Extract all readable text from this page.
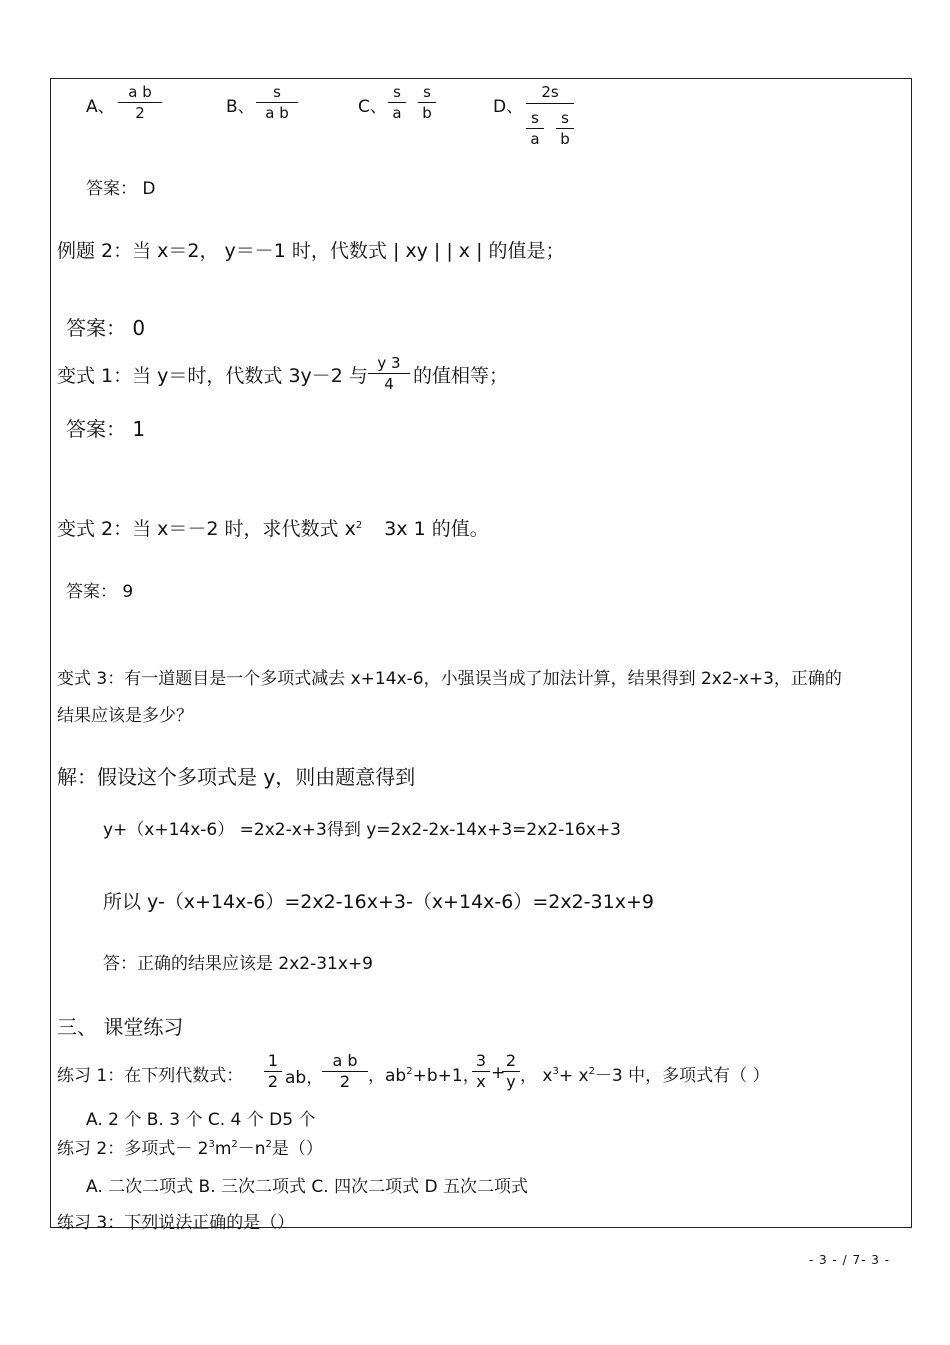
A、 $\frac{\text{a b}}{2}$	B、 $\frac{s}{\text{a b}}$	C、 $\frac{s}{a} \frac{s}{b}$	D、
2s
$\frac{s}{a} \frac{s}{b}$
答案： D
例题 2：当 x＝2， y＝－1 时，代数式 | xy | | x | 的值是；
答案： 0
变式 1：当 y＝时，代数式 3y－2 与 $\frac{y 3}{4}$ 的值相等；
答案： 1
变式 2：当 x＝－2 时，求代数式 $x^2$ 3x 1 的值。
答案： 9
变式 3：有一道题目是一个多项式减去 x+14x-6，小强误当成了加法计算，结果得到 2x2-x+3，正确的
结果应该是多少？
解：假设这个多项式是 y，则由题意得到
y+（x+14x-6） =2x2-x+3得到 y=2x2-2x-14x+3=2x2-16x+3
所以 y-（x+14x-6）=2x2-16x+3-（x+14x-6）=2x2-31x+9
答：正确的结果应该是 2x2-31x+9
三、 课堂练习
练习 1：在下列代数式： $\frac{1}{2}$ ab，
$\frac{\text{a b}}{2}$ ，$ab^2+b+1$，
$\frac{3}{x}$ +
$\frac{2}{y}$ ， $x^3+ x^2-3$ 中，多项式有（ ）
A. 2 个 B. 3 个 C. 4 个 D5 个
练习 2：多项式－ $2^3m^2-n^2$是（）
A. 二次二项式 B. 三次二项式 C. 四次二项式 D 五次二项式
练习 3：下列说法正确的是（）
- 3 - / 7- 3 -
